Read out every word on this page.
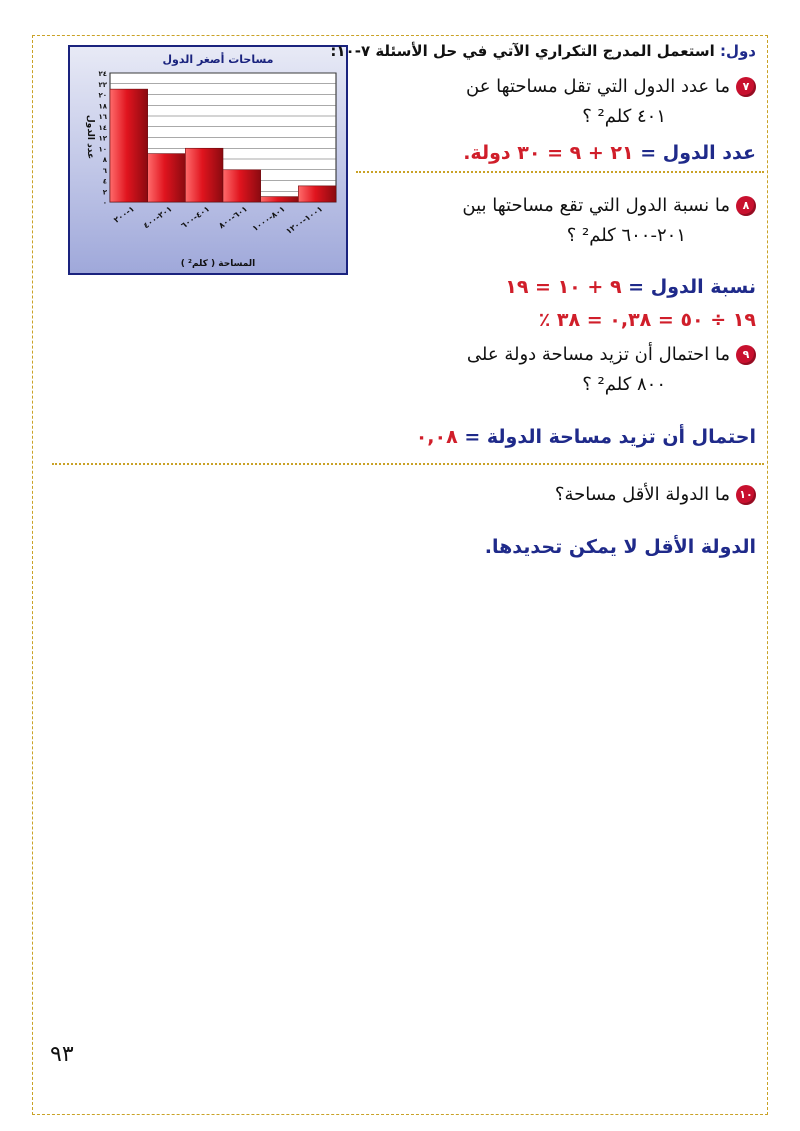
٠
٢
٤
٦
٨
١٠
١٢
١٤
١٦
١٨
٢٠
٢٢
٢٤
١-٢٠٠
٢٠١-٤٠٠
٤٠١-٦٠٠
٦٠١-٨٠٠
٨٠١-١٠٠٠
١٠٠١-١٢٠٠
مساحات أصغر الدول
المساحة ( كلم² )
عدد الدول
دول: استعمل المدرج التكراري الآتي في حل الأسئلة ٧-١٠:
٧ما عدد الدول التي تقل مساحتها عن
٤٠١ كلم² ؟
عدد الدول = ٢١ + ٩ = ٣٠ دولة.
٨ما نسبة الدول التي تقع مساحتها بين
٢٠١-٦٠٠ كلم² ؟
نسبة الدول = ٩ + ١٠ = ١٩
١٩ ÷ ٥٠ = ٠,٣٨ = ٣٨ ٪
٩ما احتمال أن تزيد مساحة دولة على
٨٠٠ كلم² ؟
احتمال أن تزيد مساحة الدولة = ٠,٠٨
١٠ما الدولة الأقل مساحة؟
الدولة الأقل لا يمكن تحديدها.
٩٣
